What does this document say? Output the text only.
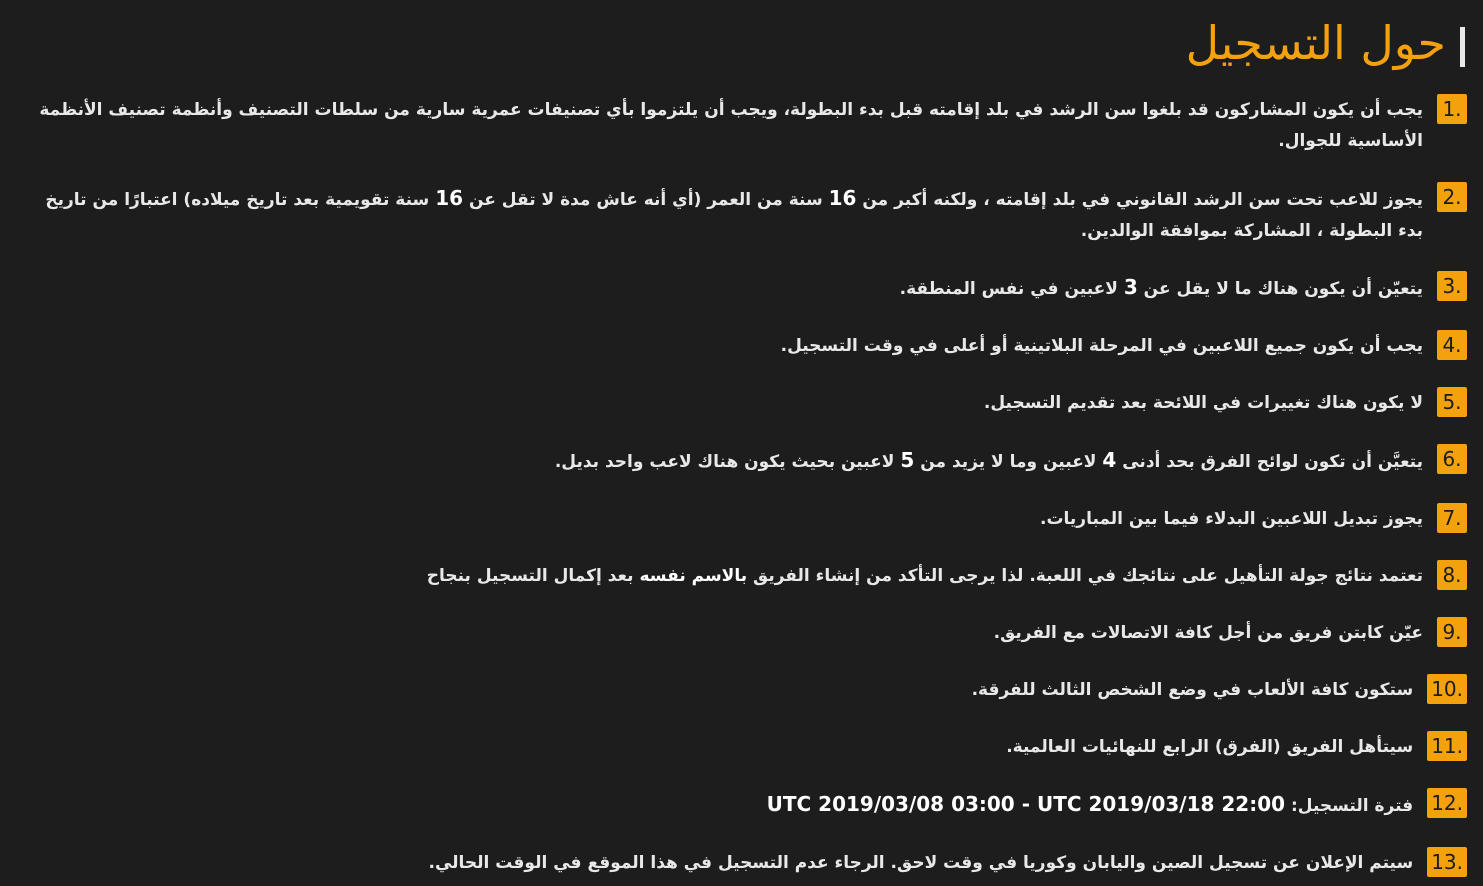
حول التسجيل
1.
يجب أن يكون المشاركون قد بلغوا سن الرشد في بلد إقامته قبل بدء البطولة، ويجب أن يلتزموا بأي تصنيفات عمرية سارية من سلطات التصنيف وأنظمة تصنيف الأنظمة الأساسية للجوال.
2.
يجوز للاعب تحت سن الرشد القانوني في بلد إقامته ، ولكنه أكبر من 16 سنة من العمر (أي أنه عاش مدة لا تقل عن 16 سنة تقويمية بعد تاريخ ميلاده) اعتبارًا من تاريخ بدء البطولة ، المشاركة بموافقة الوالدين.
3.
يتعيّن أن يكون هناك ما لا يقل عن 3 لاعبين في نفس المنطقة.
4.
يجب أن يكون جميع اللاعبين في المرحلة البلاتينية أو أعلى في وقت التسجيل.
5.
لا يكون هناك تغييرات في اللائحة بعد تقديم التسجيل.
6.
يتعيَّن أن تكون لوائح الفرق بحد أدنى 4 لاعبين وما لا يزيد من 5 لاعبين بحيث يكون هناك لاعب واحد بديل.
7.
يجوز تبديل اللاعبين البدلاء فيما بين المباريات.
8.
تعتمد نتائج جولة التأهيل على نتائجك في اللعبة. لذا يرجى التأكد من إنشاء الفريق بالاسم نفسه بعد إكمال التسجيل بنجاح
9.
عيّن كابتن فريق من أجل كافة الاتصالات مع الفريق.
10.
ستكون كافة الألعاب في وضع الشخص الثالث للفرقة.
11.
سيتأهل الفريق (الفرق) الرابع للنهائيات العالمية.
12.
فترة التسجيل: UTC 2019/03/08 03:00 - UTC 2019/03/18 22:00
13.
سيتم الإعلان عن تسجيل الصين واليابان وكوريا في وقت لاحق. الرجاء عدم التسجيل في هذا الموقع في الوقت الحالي.
